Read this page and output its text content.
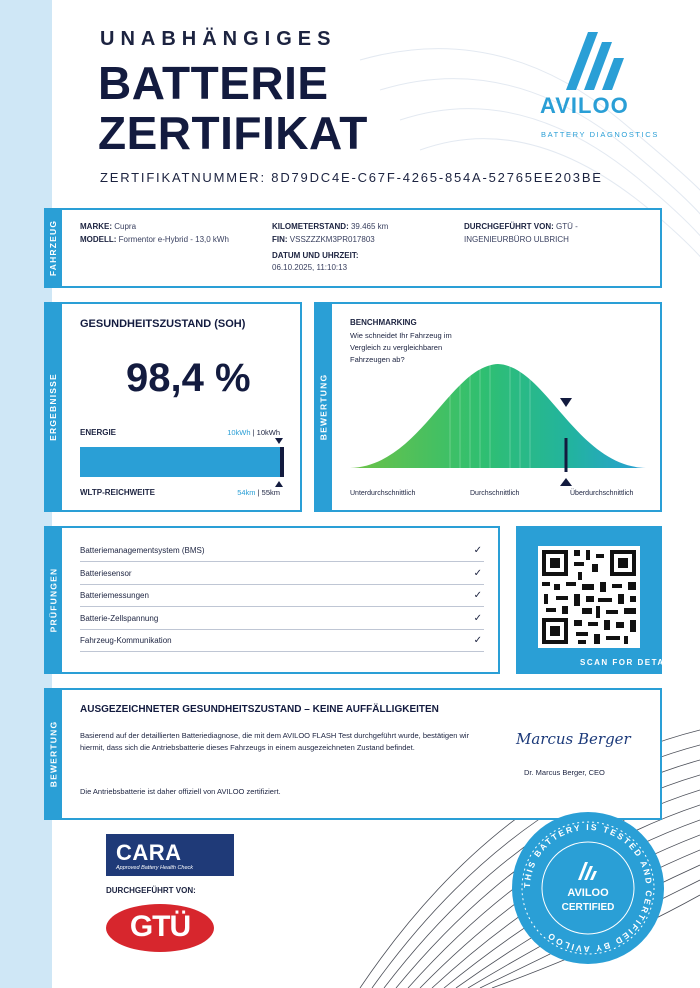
UNABHÄNGIGES
BATTERIE
ZERTIFIKAT
ZERTIFIKATNUMMER: 8D79DC4E-C67F-4265-854A-52765EE203BE
AVILOO
BATTERY DIAGNOSTICS
FAHRZEUG	MARKE: Cupra
MODELL: Formentor e-Hybrid - 13,0 kWh
KILOMETERSTAND: 39.465 km
FIN: VSSZZZKM3PR017803
DATUM UND UHRZEIT:
06.10.2025, 11:10:13
DURCHGEFÜHRT VON: GTÜ -
INGENIEURBÜRO ULBRICH
ERGEBNISSE
GESUNDHEITSZUSTAND (SOH)
98,4 %
ENERGIE	10kWh | 10kWh
WLTP-REICHWEITE	54km | 55km
BEWERTUNG
BENCHMARKING
Wie schneidet Ihr Fahrzeug im Vergleich zu vergleichbaren Fahrzeugen ab?
Unterdurchschnittlich	Durchschnittlich	Überdurchschnittlich
PRÜFUNGEN
Batteriemanagementsystem (BMS)	✓
Batteriesensor	✓
Batteriemessungen	✓
Batterie-Zellspannung	✓
Fahrzeug-Kommunikation	✓
SCAN FOR DETAILS
BEWERTUNG
AUSGEZEICHNETER GESUNDHEITSZUSTAND – KEINE AUFFÄLLIGKEITEN
Basierend auf der detaillierten Batteriediagnose, die mit dem AVILOO FLASH Test durchgeführt wurde, bestätigen wir hiermit, dass sich die Antriebsbatterie dieses Fahrzeugs in einem ausgezeichneten Zustand befindet.
Die Antriebsbatterie ist daher offiziell von AVILOO zertifiziert.
Marcus Berger
Dr. Marcus Berger, CEO
CARA
Approved Battery Health Check
DURCHGEFÜHRT VON:
GTÜ
THIS BATTERY IS TESTED AND CERTIFIED BY AVILOO
AVILOO
CERTIFIED
